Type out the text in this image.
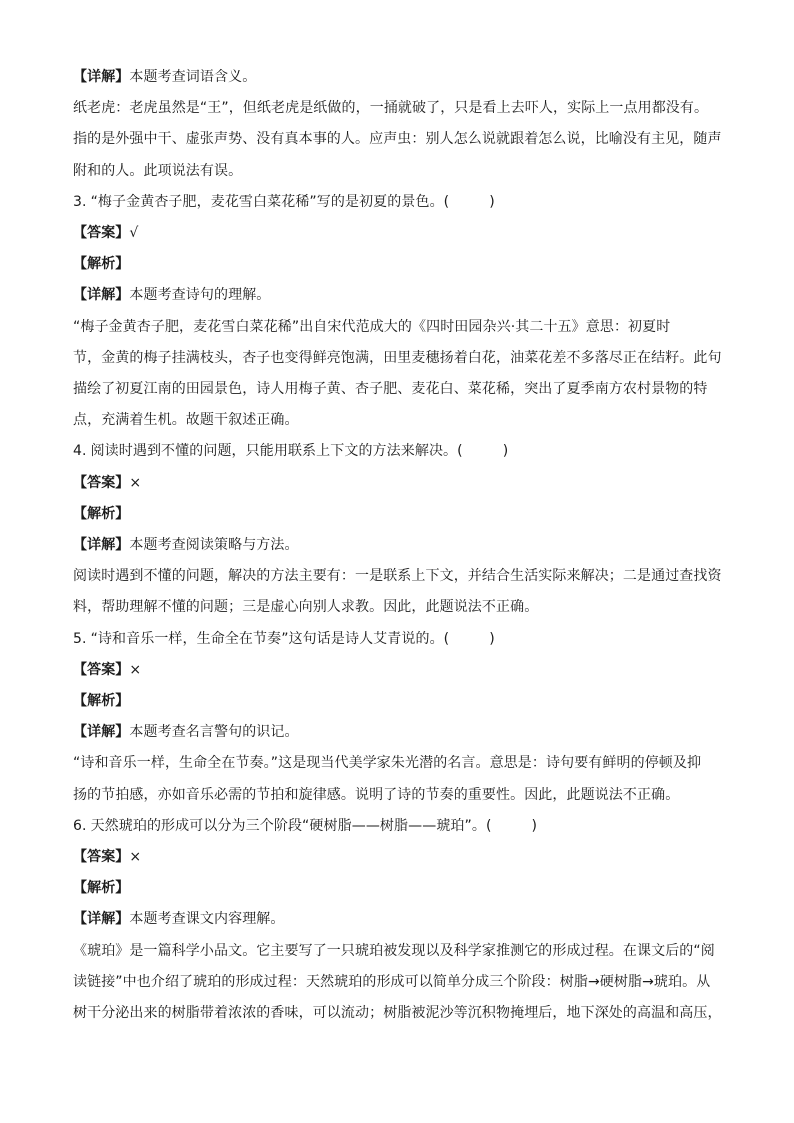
【详解】本题考查词语含义。
纸老虎：老虎虽然是“王”，但纸老虎是纸做的，一捅就破了，只是看上去吓人，实际上一点用都没有。
指的是外强中干、虚张声势、没有真本事的人。应声虫：别人怎么说就跟着怎么说，比喻没有主见，随声
附和的人。此项说法有误。
3. “梅子金黄杏子肥，麦花雪白菜花稀”写的是初夏的景色。(	)
【答案】√
【解析】
【详解】本题考查诗句的理解。
“梅子金黄杏子肥，麦花雪白菜花稀”出自宋代范成大的《四时田园杂兴·其二十五》意思：初夏时
节，金黄的梅子挂满枝头，杏子也变得鲜亮饱满，田里麦穗扬着白花，油菜花差不多落尽正在结籽。此句
描绘了初夏江南的田园景色，诗人用梅子黄、杏子肥、麦花白、菜花稀，突出了夏季南方农村景物的特
点，充满着生机。故题干叙述正确。
4. 阅读时遇到不懂的问题，只能用联系上下文的方法来解决。(	)
【答案】×
【解析】
【详解】本题考查阅读策略与方法。
阅读时遇到不懂的问题，解决的方法主要有：一是联系上下文，并结合生活实际来解决；二是通过查找资
料，帮助理解不懂的问题；三是虚心向别人求教。因此，此题说法不正确。
5. “诗和音乐一样，生命全在节奏”这句话是诗人艾青说的。(	)
【答案】×
【解析】
【详解】本题考查名言警句的识记。
“诗和音乐一样，生命全在节奏。”这是现当代美学家朱光潜的名言。意思是：诗句要有鲜明的停顿及抑
扬的节拍感，亦如音乐必需的节拍和旋律感。说明了诗的节奏的重要性。因此，此题说法不正确。
6. 天然琥珀的形成可以分为三个阶段“硬树脂——树脂——琥珀”。(	)
【答案】×
【解析】
【详解】本题考查课文内容理解。
《琥珀》是一篇科学小品文。它主要写了一只琥珀被发现以及科学家推测它的形成过程。在课文后的“阅
读链接”中也介绍了琥珀的形成过程：天然琥珀的形成可以简单分成三个阶段：树脂→硬树脂→琥珀。从
树干分泌出来的树脂带着浓浓的香味，可以流动；树脂被泥沙等沉积物掩埋后，地下深处的高温和高压，
